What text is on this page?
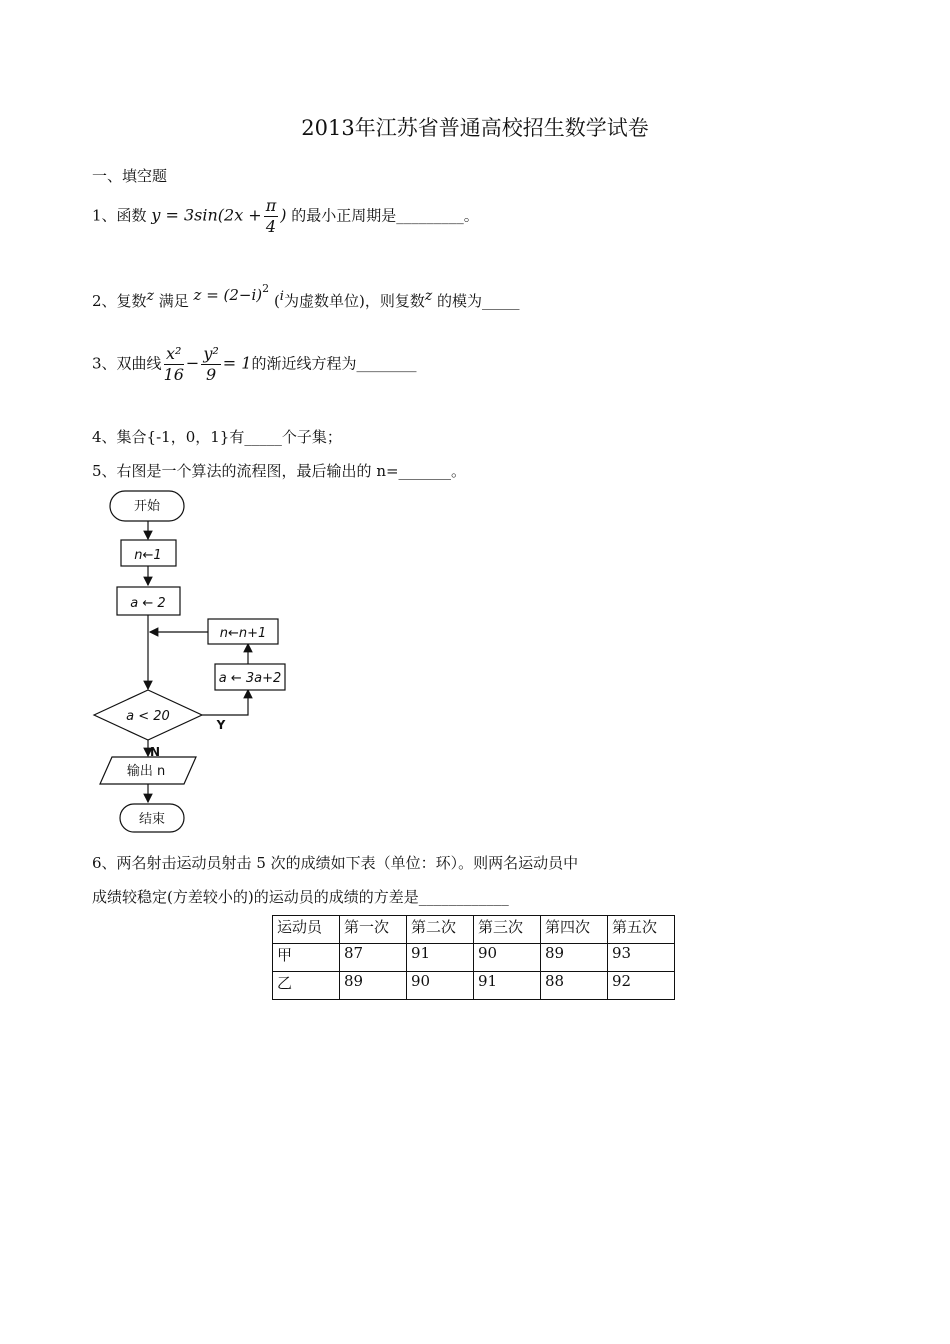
2013年江苏省普通高校招生数学试卷
一、填空题
1、函数 $y = 3\sin(2x + \frac{\pi}{4}$ ) 的最小正周期是_________。
2、复数$^z$ 满足 $^{z = (2-i)2}$ ($^i$为虚数单位)，则复数$^z$ 的模为_____
3、双曲线 $\frac{\text{x²}}{16} - \frac{\text{y²}}{9} = 1$的渐近线方程为________
4、集合{-1，0，1}有_____个子集；
5、右图是一个算法的流程图，最后输出的 n=_______。
开始
n←1
a ← 2
a < 20
a ← 3a+2
n←n+1
Y
N
输出 n
结束
6、两名射击运动员射击 5 次的成绩如下表（单位：环）。则两名运动员中
成绩较稳定(方差较小的)的运动员的成绩的方差是____________
运动员	第一次	第二次	第三次	第四次	第五次
甲	87	91	90	89	93
乙	89	90	91	88	92
